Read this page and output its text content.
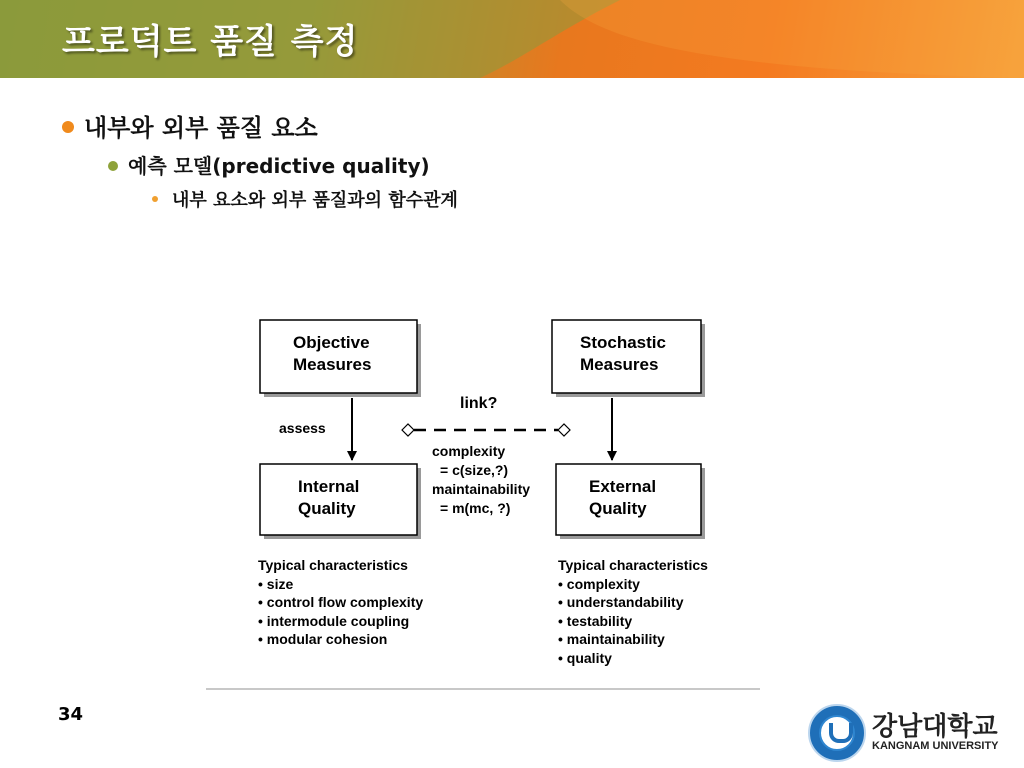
프로덕트 품질 측정
내부와 외부 품질 요소
예측 모델(predictive quality)
내부 요소와 외부 품질과의 함수관계
Objective
Measures
Stochastic
Measures
Internal
Quality
External
Quality
assess
link?
complexity
= c(size,?)
maintainability
= m(mc, ?)
Typical characteristics
• size
• control flow complexity
• intermodule coupling
• modular cohesion
Typical characteristics
• complexity
• understandability
• testability
• maintainability
• quality
34	강남대학교
KANGNAM UNIVERSITY
